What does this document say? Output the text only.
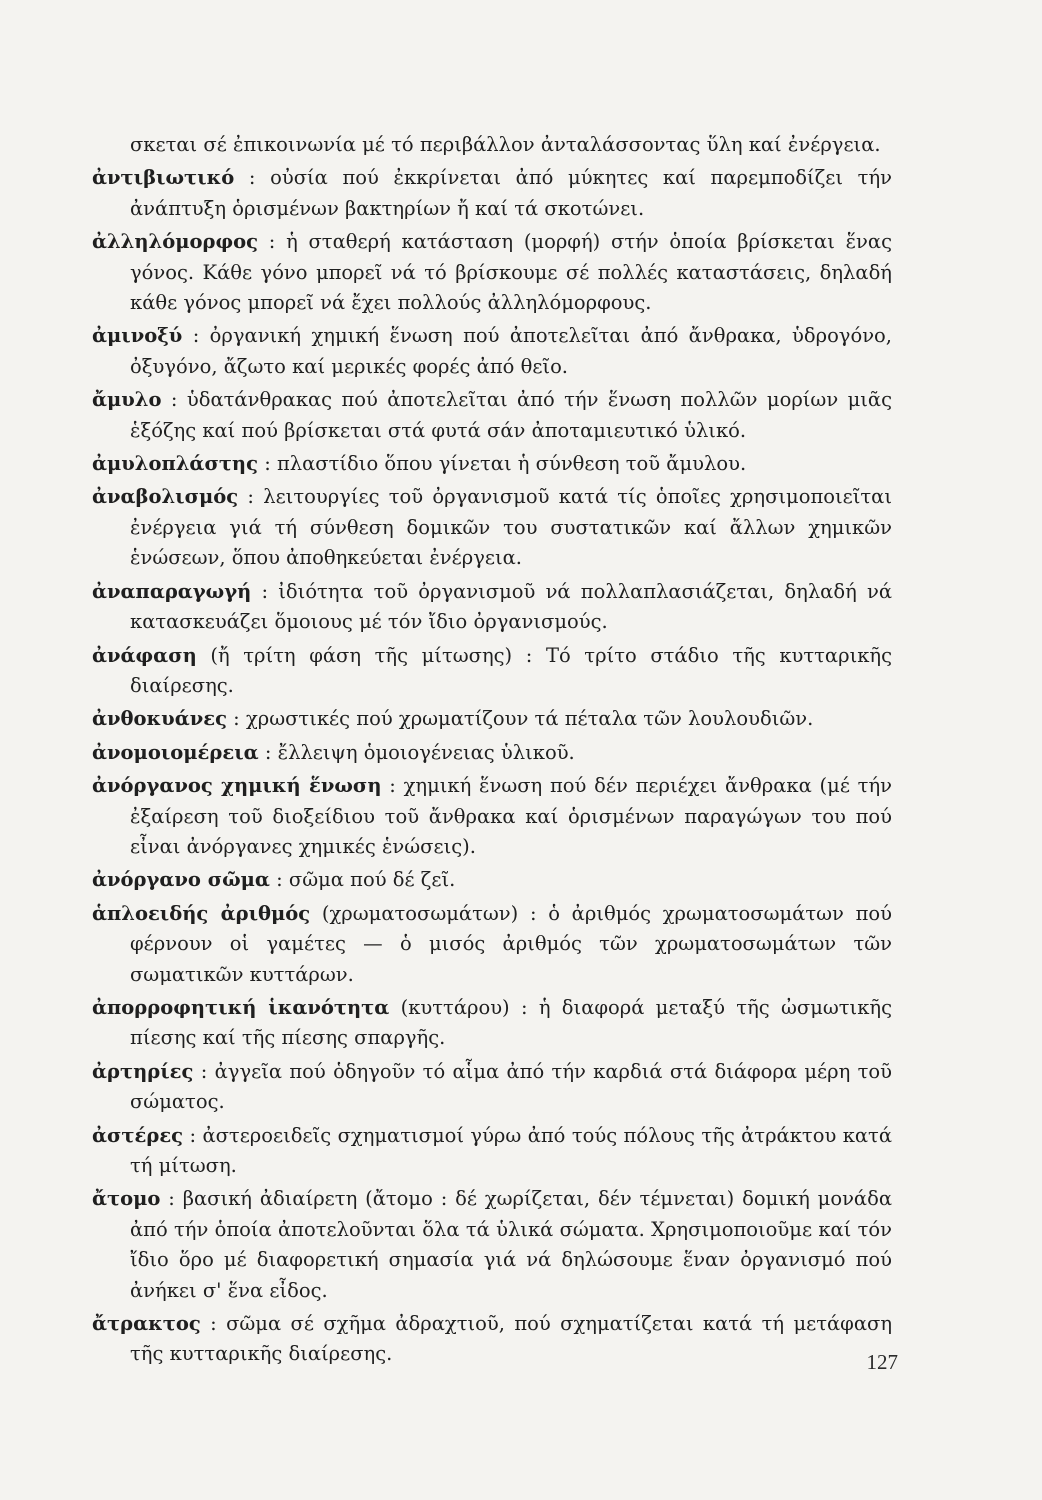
σκεται σέ ἐπικοινωνία μέ τό περιβάλλον ἀνταλάσσοντας ὕλη καί ἐνέργεια.

ἀντιβιωτικό : οὐσία πού ἐκκρίνεται ἀπό μύκητες καί παρεμποδίζει τήν ἀνάπτυξη ὁρισμένων βακτηρίων ἤ καί τά σκοτώνει.

ἀλληλόμορφος : ἡ σταθερή κατάσταση (μορφή) στήν ὁποία βρίσκεται ἕνας γόνος. Κάθε γόνο μπορεῖ νά τό βρίσκουμε σέ πολλές καταστάσεις, δηλαδή κάθε γόνος μπορεῖ νά ἔχει πολλούς ἀλληλόμορφους.

ἀμινοξύ : ὀργανική χημική ἕνωση πού ἀποτελεῖται ἀπό ἄνθρακα, ὑδρογόνο, ὀξυγόνο, ἄζωτο καί μερικές φορές ἀπό θεῖο.

ἄμυλο : ὑδατάνθρακας πού ἀποτελεῖται ἀπό τήν ἕνωση πολλῶν μορίων μιᾶς ἑξόζης καί πού βρίσκεται στά φυτά σάν ἀποταμιευτικό ὑλικό.

ἀμυλοπλάστης : πλαστίδιο ὅπου γίνεται ἡ σύνθεση τοῦ ἄμυλου.

ἀναβολισμός : λειτουργίες τοῦ ὀργανισμοῦ κατά τίς ὁποῖες χρησιμοποιεῖται ἐνέργεια γιά τή σύνθεση δομικῶν του συστατικῶν καί ἄλλων χημικῶν ἑνώσεων, ὅπου ἀποθηκεύεται ἐνέργεια.

ἀναπαραγωγή : ἰδιότητα τοῦ ὀργανισμοῦ νά πολλαπλασιάζεται, δηλαδή νά κατασκευάζει ὅμοιους μέ τόν ἴδιο ὀργανισμούς.

ἀνάφαση (ἤ τρίτη φάση τῆς μίτωσης) : Τό τρίτο στάδιο τῆς κυτταρικῆς διαίρεσης.

ἀνθοκυάνες : χρωστικές πού χρωματίζουν τά πέταλα τῶν λουλουδιῶν.

ἀνομοιομέρεια : ἔλλειψη ὁμοιογένειας ὑλικοῦ.

ἀνόργανος χημική ἕνωση : χημική ἕνωση πού δέν περιέχει ἄνθρακα (μέ τήν ἐξαίρεση τοῦ διοξείδιου τοῦ ἄνθρακα καί ὁρισμένων παραγώγων του πού εἶναι ἀνόργανες χημικές ἑνώσεις).

ἀνόργανο σῶμα : σῶμα πού δέ ζεῖ.

ἁπλοειδής ἀριθμός (χρωματοσωμάτων) : ὁ ἀριθμός χρωματοσωμάτων πού φέρνουν οἱ γαμέτες — ὁ μισός ἀριθμός τῶν χρωματοσωμάτων τῶν σωματικῶν κυττάρων.

ἀπορροφητική ἱκανότητα (κυττάρου) : ἡ διαφορά μεταξύ τῆς ὠσμωτικῆς πίεσης καί τῆς πίεσης σπαργῆς.

ἀρτηρίες : ἀγγεῖα πού ὁδηγοῦν τό αἷμα ἀπό τήν καρδιά στά διάφορα μέρη τοῦ σώματος.

ἀστέρες : ἀστεροειδεῖς σχηματισμοί γύρω ἀπό τούς πόλους τῆς ἀτράκτου κατά τή μίτωση.

ἄτομο : βασική ἀδιαίρετη (ἄτομο : δέ χωρίζεται, δέν τέμνεται) δομική μονάδα ἀπό τήν ὁποία ἀποτελοῦνται ὅλα τά ὑλικά σώματα. Χρησιμοποιοῦμε καί τόν ἴδιο ὅρο μέ διαφορετική σημασία γιά νά δηλώσουμε ἕναν ὀργανισμό πού ἀνήκει σ' ἕνα εἶδος.

ἄτρακτος : σῶμα σέ σχῆμα ἀδραχτιοῦ, πού σχηματίζεται κατά τή μετάφαση τῆς κυτταρικῆς διαίρεσης.	127
